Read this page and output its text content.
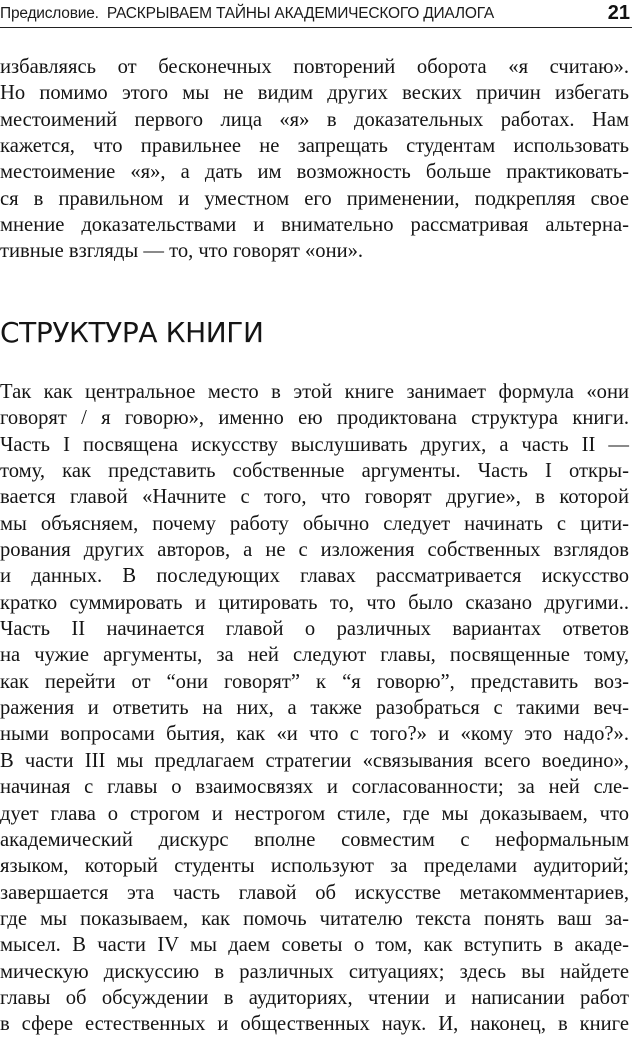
Предисловие. РАСКРЫВАЕМ ТАЙНЫ АКАДЕМИЧЕСКОГО ДИАЛОГА	21
избавляясь от бесконечных повторений оборота «я считаю».
Но помимо этого мы не видим других веских причин избегать
местоимений первого лица «я» в доказательных работах. Нам
кажется, что правильнее не запрещать студентам использовать
местоимение «я», а дать им возможность больше практиковать-
ся в правильном и уместном его применении, подкрепляя свое
мнение доказательствами и внимательно рассматривая альтерна-
тивные взгляды — то, что говорят «они».
СТРУКТУРА КНИГИ
Так как центральное место в этой книге занимает формула «они
говорят / я говорю», именно ею продиктована структура книги.
Часть I посвящена искусству выслушивать других, а часть II —
тому, как представить собственные аргументы. Часть I откры-
вается главой «Начните с того, что говорят другие», в которой
мы объясняем, почему работу обычно следует начинать с цити-
рования других авторов, а не с изложения собственных взглядов
и данных. В последующих главах рассматривается искусство
кратко суммировать и цитировать то, что было сказано другими..
Часть II начинается главой о различных вариантах ответов
на чужие аргументы, за ней следуют главы, посвященные тому,
как перейти от “они говорят” к “я говорю”, представить воз-
ражения и ответить на них, а также разобраться с такими веч-
ными вопросами бытия, как «и что с того?» и «кому это надо?».
В части III мы предлагаем стратегии «связывания всего воедино»,
начиная с главы о взаимосвязях и согласованности; за ней сле-
дует глава о строгом и нестрогом стиле, где мы доказываем, что
академический дискурс вполне совместим с неформальным
языком, который студенты используют за пределами аудиторий;
завершается эта часть главой об искусстве метакомментариев,
где мы показываем, как помочь читателю текста понять ваш за-
мысел. В части IV мы даем советы о том, как вступить в акаде-
мическую дискуссию в различных ситуациях; здесь вы найдете
главы об обсуждении в аудиториях, чтении и написании работ
в сфере естественных и общественных наук. И, наконец, в книге
